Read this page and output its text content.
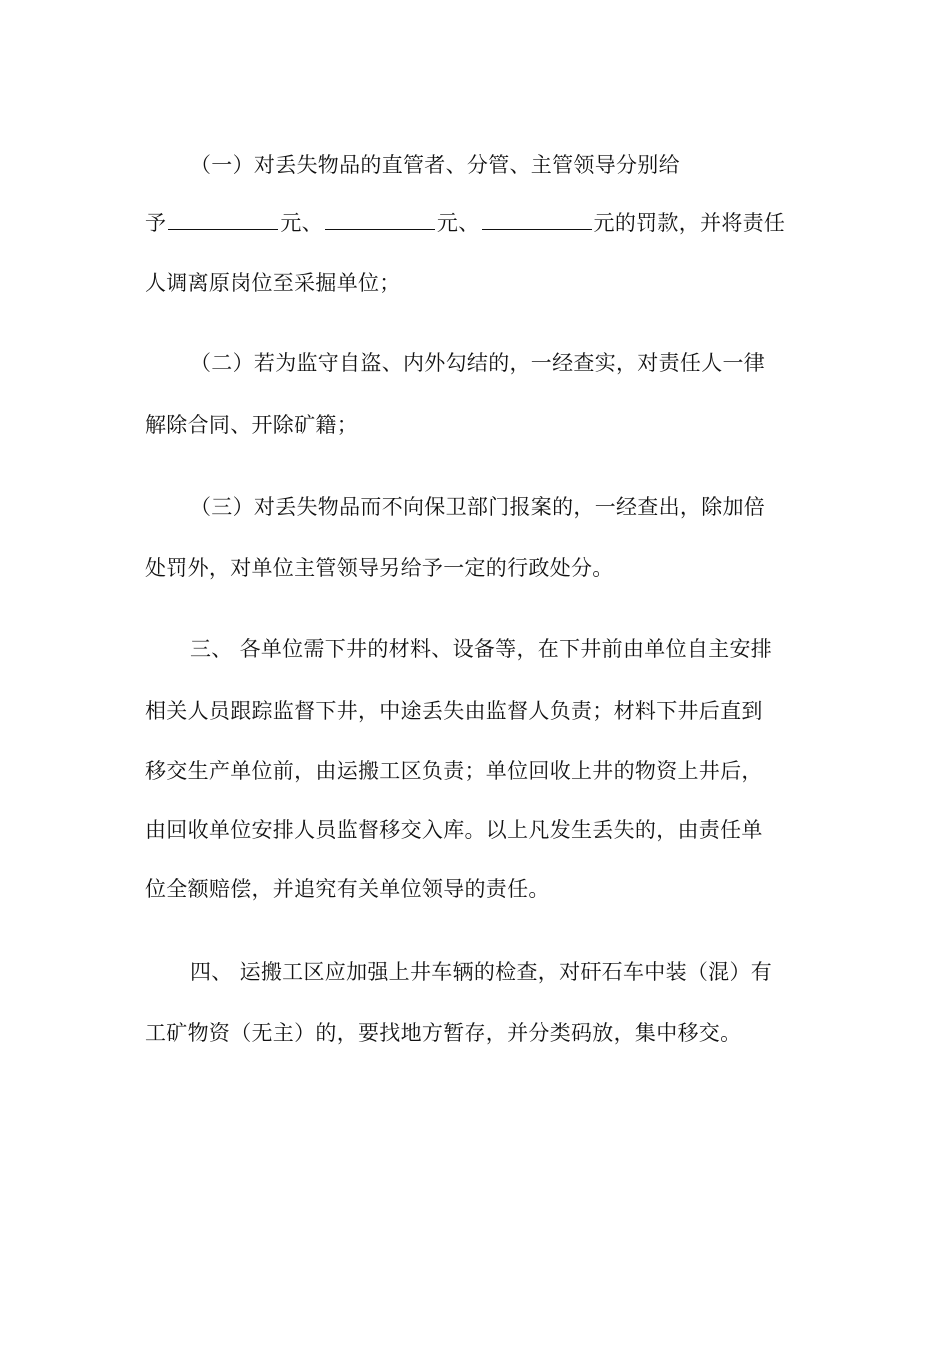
（一）对丢失物品的直管者、分管、主管领导分别给
予	元、	元、	元的罚款，并将责任
人调离原岗位至采掘单位；
（二）若为监守自盗、内外勾结的，一经查实，对责任人一律
解除合同、开除矿籍；
（三）对丢失物品而不向保卫部门报案的，一经查出，除加倍
处罚外，对单位主管领导另给予一定的行政处分。
三、 各单位需下井的材料、设备等，在下井前由单位自主安排
相关人员跟踪监督下井，中途丢失由监督人负责；材料下井后直到
移交生产单位前，由运搬工区负责；单位回收上井的物资上井后，
由回收单位安排人员监督移交入库。以上凡发生丢失的，由责任单
位全额赔偿，并追究有关单位领导的责任。
四、 运搬工区应加强上井车辆的检查，对矸石车中装（混）有
工矿物资（无主）的，要找地方暂存，并分类码放，集中移交。
